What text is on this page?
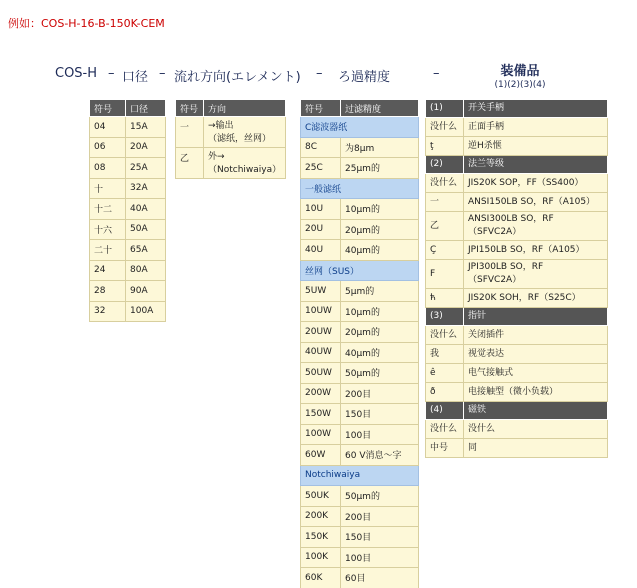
例如：COS-H-16-B-150K-CEM
COS-H – 口径 – 流れ方向(エレメント) – ろ過精度	–	装備品
(1)(2)(3)(4)
符号	口径
04	15A
06	20A
08	25A
十	32A
十二	40A
十六	50A
二十	65A
24	80A
28	90A
32	100A
符号	方向
一	→输出
（滤纸，丝网）
乙	外→
（Notchiwaiya）
符号	过滤精度
C滤波器纸	
8C	为8μm
25C	25μm的
一般滤纸	
10U	10μm的
20U	20μm的
40U	40μm的
丝网（SUS）	
5UW	5μm的
10UW	10μm的
20UW	20μm的
40UW	40μm的
50UW	50μm的
200W	200目
150W	150目
100W	100目
60W	60 V消息〜字
Notchiwaiya	
50UK	50μm的
200K	200目
150K	150目
100K	100目
60K	60目
(1)	开关手柄
没什么	正面手柄
ţ	逆H杀惬
(2)	法兰等级
没什么	JIS20K SOP，FF（SS400）
一	ANSI150LB SO，RF（A105）
乙	ANSI300LB SO，RF
（SFVC2A）
Ç	JPI150LB SO，RF（A105）
F	JPI300LB SO，RF
（SFVC2A）
ћ	JIS20K SOH，RF（S25C）
(3)	指针
没什么	关闭插件
我	视觉表达
ê	电气接触式
ð	电接触型（微小负载）
(4)	磁铁
没什么	没什么
中号	同
